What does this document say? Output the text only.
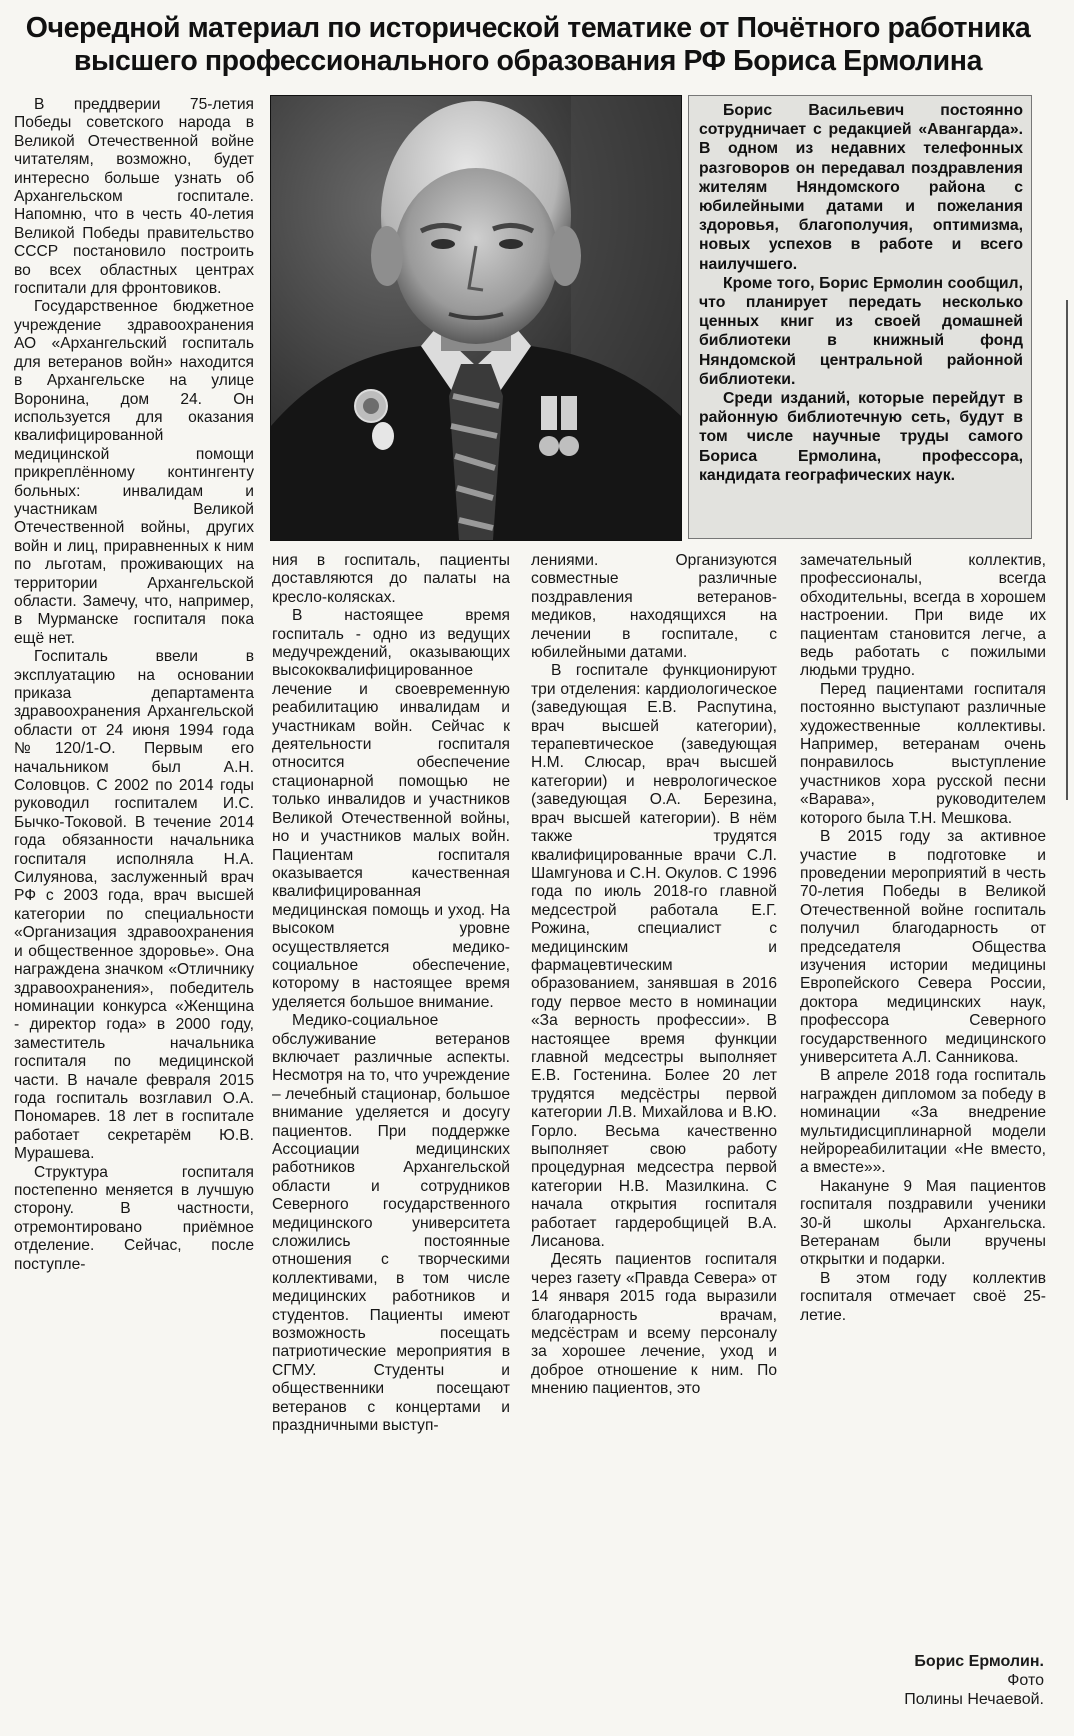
Очередной материал по исторической тематике от Почётного работника
высшего профессионального образования РФ Бориса Ермолина

В преддверии 75-летия Победы советского народа в Великой Отечественной войне читателям, возможно, будет интересно больше узнать об Архангельском госпитале. Напомню, что в честь 40-летия Великой Победы правительство СССР постановило построить во всех областных центрах госпитали для фронтовиков.

Государственное бюджетное учреждение здравоохранения АО «Архангельский госпиталь для ветеранов войн» находится в Архангельске на улице Воронина, дом 24. Он используется для оказания квалифицированной медицинской помощи прикреплённому контингенту больных: инвалидам и участникам Великой Отечественной войны, других войн и лиц, приравненных к ним по льготам, проживающих на территории Архангельской области. Замечу, что, например, в Мурманске госпиталя пока ещё нет.

Госпиталь ввели в эксплуатацию на основании приказа департамента здравоохранения Архангельской области от 24 июня 1994 года №120/1-О. Первым его начальником был А.Н. Соловцов. С 2002 по 2014 годы руководил госпиталем И.С. Бычко-Токовой. В течение 2014 года обязанности начальника госпиталя исполняла Н.А. Силуянова, заслуженный врач РФ с 2003 года, врач высшей категории по специальности «Организация здравоохранения и общественное здоровье». Она награждена значком «Отличнику здравоохранения», победитель номинации конкурса «Женщина - директор года» в 2000 году, заместитель начальника госпиталя по медицинской части. В начале февраля 2015 года госпиталь возглавил О.А. Пономарев. 18 лет в госпитале работает секретарём Ю.В. Мурашева.

Структура госпиталя постепенно меняется в лучшую сторону. В частности, отремонтировано приёмное отделение. Сейчас, после поступле-

Борис Васильевич постоянно сотрудничает с редакцией «Авангарда». В одном из недавних телефонных разговоров он передавал поздравления жителям Няндомского района с юбилейными датами и пожелания здоровья, благополучия, оптимизма, новых успехов в работе и всего наилучшего.

Кроме того, Борис Ермолин сообщил, что планирует передать несколько ценных книг из своей домашней библиотеки в книжный фонд Няндомской центральной районной библиотеки.

Среди изданий, которые перейдут в районную библиотечную сеть, будут в том числе научные труды самого Бориса Ермолина, профессора, кандидата географических наук.

ния в госпиталь, пациенты доставляются до палаты на кресло-колясках.

В настоящее время госпиталь - одно из ведущих медучреждений, оказывающих высококвалифицированное лечение и своевременную реабилитацию инвалидам и участникам войн. Сейчас к деятельности госпиталя относится обеспечение стационарной помощью не только инвалидов и участников Великой Отечественной войны, но и участников малых войн. Пациентам госпиталя оказывается качественная квалифицированная медицинская помощь и уход. На высоком уровне осуществляется медико-социальное обеспечение, которому в настоящее время уделяется большое внимание.

Медико-социальное обслуживание ветеранов включает различные аспекты. Несмотря на то, что учреждение – лечебный стационар, большое внимание уделяется и досугу пациентов. При поддержке Ассоциации медицинских работников Архангельской области и сотрудников Северного государственного медицинского университета сложились постоянные отношения с творческими коллективами, в том числе медицинских работников и студентов. Пациенты имеют возможность посещать патриотические мероприятия в СГМУ. Студенты и общественники посещают ветеранов с концертами и праздничными выступ-

лениями. Организуются совместные различные поздравления ветеранов-медиков, находящихся на лечении в госпитале, с юбилейными датами.

В госпитале функционируют три отделения: кардиологическое (заведующая Е.В. Распутина, врач высшей категории), терапевтическое (заведующая Н.М. Слюсар, врач высшей категории) и неврологическое (заведующая О.А. Березина, врач высшей категории). В нём также трудятся квалифицированные врачи С.Л. Шамгунова и С.Н. Окулов. С 1996 года по июль 2018-го главной медсестрой работала Е.Г. Рожина, специалист с медицинским и фармацевтическим образованием, занявшая в 2016 году первое место в номинации «За верность профессии». В настоящее время функции главной медсестры выполняет Е.В. Гостенина. Более 20 лет трудятся медсёстры первой категории Л.В. Михайлова и В.Ю. Горло. Весьма качественно выполняет свою работу процедурная медсестра первой категории Н.В. Мазилкина. С начала открытия госпиталя работает гардеробщицей В.А. Лисанова.

Десять пациентов госпиталя через газету «Правда Севера» от 14 января 2015 года выразили благодарность врачам, медсёстрам и всему персоналу за хорошее лечение, уход и доброе отношение к ним. По мнению пациентов, это

замечательный коллектив, профессионалы, всегда обходительны, всегда в хорошем настроении. При виде их пациентам становится легче, а ведь работать с пожилыми людьми трудно.

Перед пациентами госпиталя постоянно выступают различные художественные коллективы. Например, ветеранам очень понравилось выступление участников хора русской песни «Варава», руководителем которого была Т.Н. Мешкова.

В 2015 году за активное участие в подготовке и проведении мероприятий в честь 70-летия Победы в Великой Отечественной войне госпиталь получил благодарность от председателя Общества изучения истории медицины Европейского Севера России, доктора медицинских наук, профессора Северного государственного медицинского университета А.Л. Санникова.

В апреле 2018 года госпиталь награжден дипломом за победу в номинации «За внедрение мультидисциплинарной модели нейрореабилитации «Не вместо, а вместе»».

Накануне 9 Мая пациентов госпиталя поздравили ученики 30-й школы Архангельска. Ветеранам были вручены открытки и подарки.

В этом году коллектив госпиталя отмечает своё 25-летие.

Борис Ермолин.
Фото
Полины Нечаевой.
